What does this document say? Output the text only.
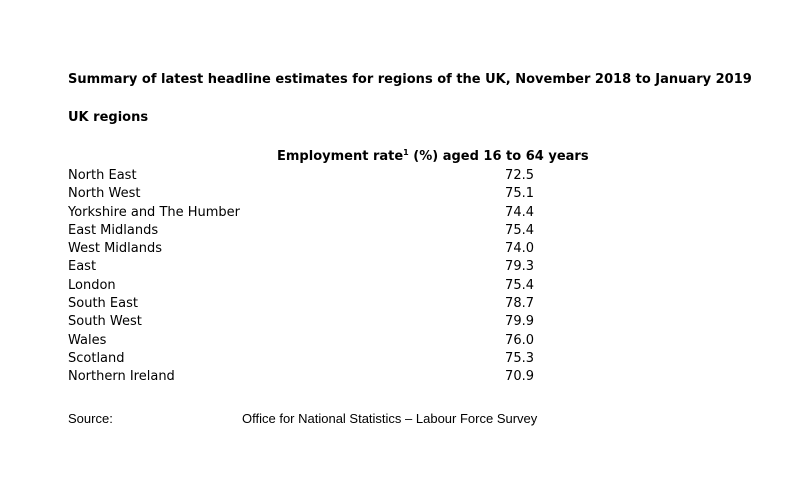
Summary of latest headline estimates for regions of the UK, November 2018 to January 2019
UK regions
Employment rate$^1$ (%) aged 16 to 64 years
North East	72.5
North West	75.1
Yorkshire and The Humber	74.4
East Midlands	75.4
West Midlands	74.0
East	79.3
London	75.4
South East	78.7
South West	79.9
Wales	76.0
Scotland	75.3
Northern Ireland	70.9
Source:	Office for National Statistics – Labour Force Survey
